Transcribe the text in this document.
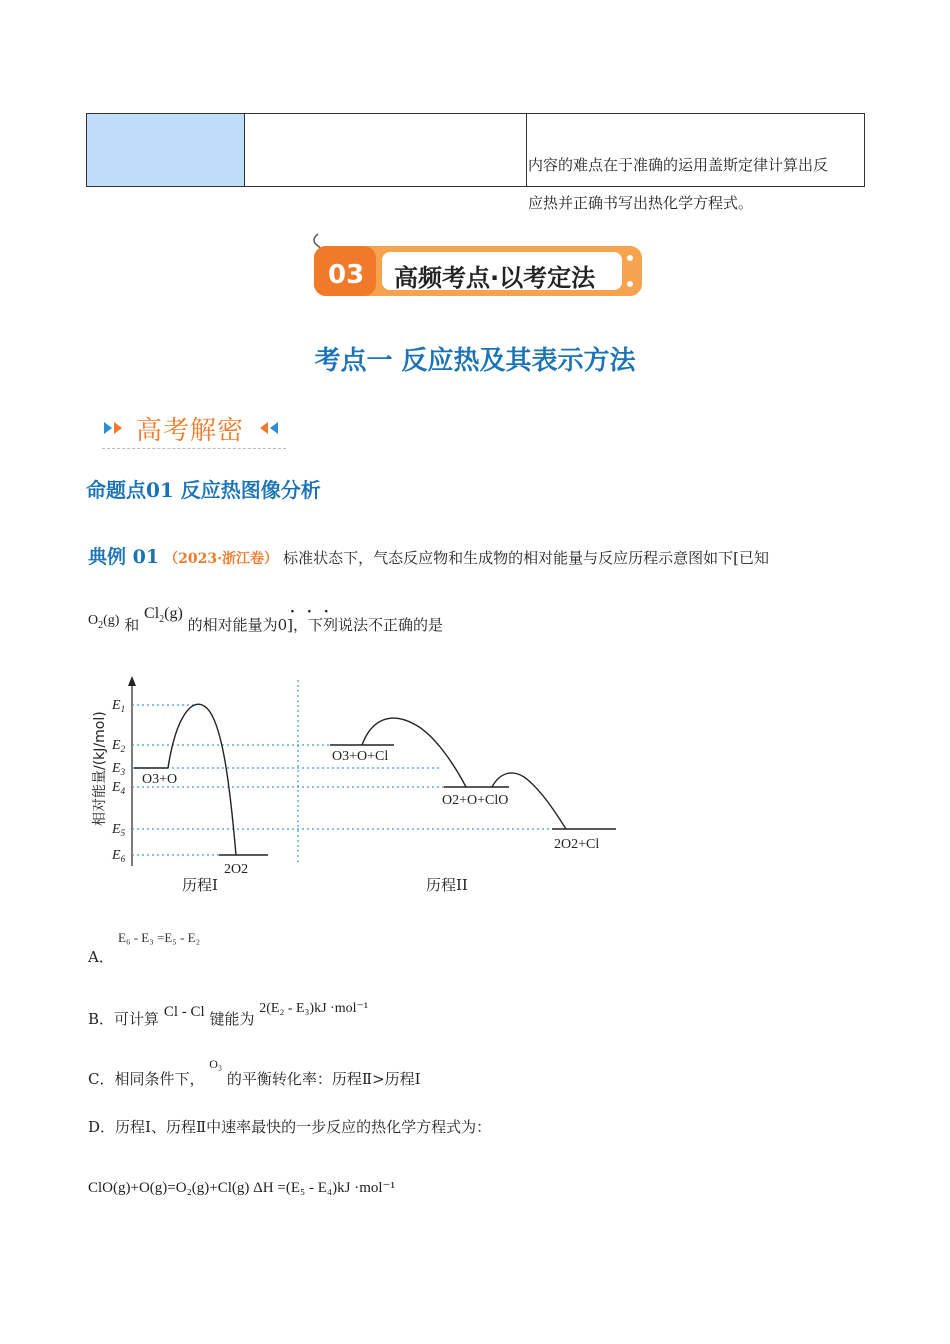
内容的难点在于准确的运用盖斯定律计算出反
应热并正确书写出热化学方程式。
03 高频考点·以考定法
考点一 反应热及其表示方法
高考解密
命题点01 反应热图像分析
典例 01 （2023·浙江卷） 标准状态下，气态反应物和生成物的相对能量与反应历程示意图如下[已知
$O_2(g)$ 和 $Cl_2(g)$ 的相对能量为0]，下列说法不正确的是
···
$E_1$
$E_2$
$E_3$
$E_4$
$E_5$
$E_6$
相对能量/(kJ/mol) O3+O
2O2
O3+O+Cl
O2+O+ClO
2O2+Cl
历程I	历程II
A．
E₆ - E₃ =E₅ - E₂
B．可计算 Cl - Cl 键能为 2(E₂ - E₃)kJ ·mol⁻¹
C．相同条件下， $^{O_3}$ 的平衡转化率：历程Ⅱ>历程Ⅰ
D．历程Ⅰ、历程Ⅱ中速率最快的一步反应的热化学方程式为：
ClO(g)+O(g)=O₂(g)+Cl(g) ΔH =(E₅ - E₄)kJ ·mol⁻¹
